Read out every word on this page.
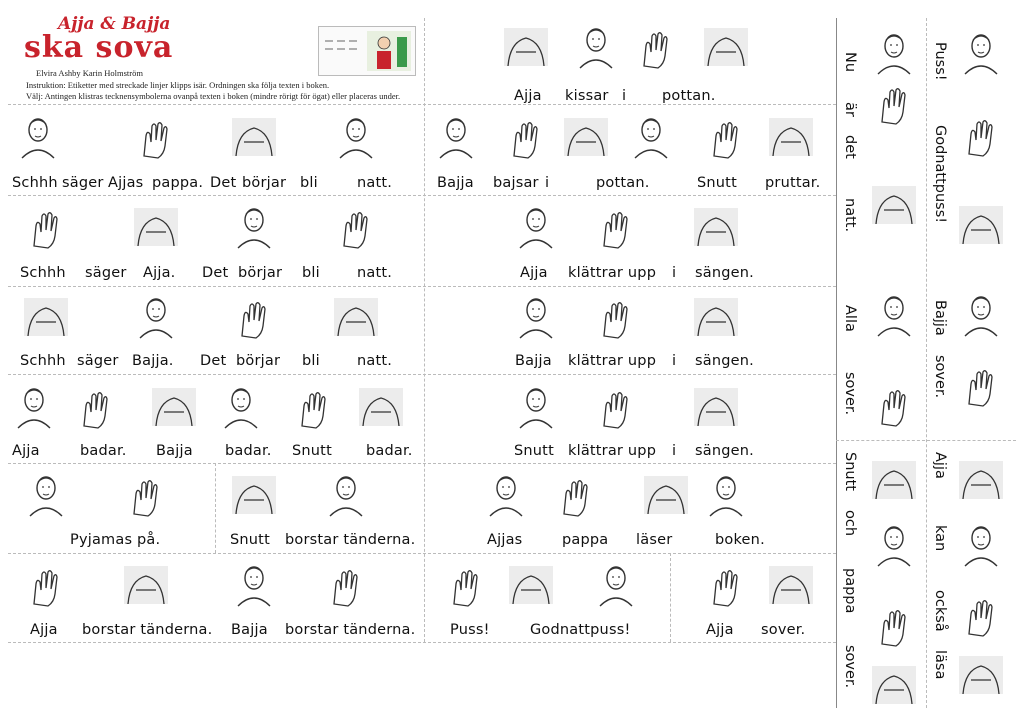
Ajja & Bajja
ska sova
Elvira Ashby Karin Holmström
Instruktion: Etiketter med streckade linjer klipps isär. Ordningen ska följa texten i boken.
Välj: Antingen klistras tecknensymbolerna ovanpå texten i boken (mindre rörigt för ögat) eller placeras under.
Schhh säger Ajjas pappa. Det börjar bli	natt.
Schhh säger Ajja. Det börjar bli	natt.
Schhh säger Bajja. Det börjar bli	natt.
Ajja	badar. Bajja badar. Snutt badar.
Pyjamas på.	Snutt borstar tänderna.
Ajja borstar tänderna. Bajja borstar tänderna.
Ajja kissar i pottan.
Bajja bajsar i	pottan.	Snutt pruttar.
Ajja klättrar upp i sängen.
Bajja klättrar upp i sängen.
Snutt klättrar upp i sängen.
Ajjas	pappa läser	boken.
Puss!	Godnattpuss!	Ajja sover.
Nu
är
det
natt.
Alla
sover.
Snutt
och
pappa
sover.
Puss!
Godnattpuss!
Bajja
sover.
Ajja
kan
också
läsa
